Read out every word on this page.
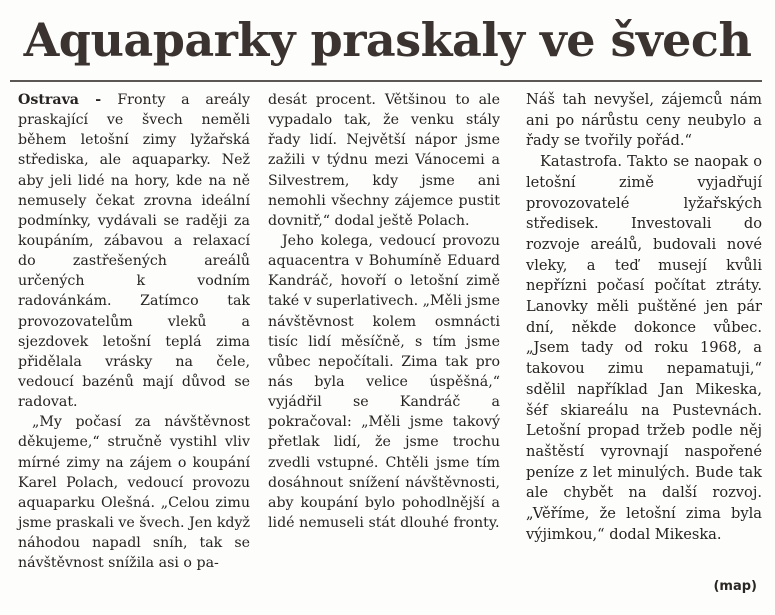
Aquaparky praskaly ve švech

Ostrava - Fronty a areály praskající ve švech neměli během letošní zimy lyžařská střediska, ale aquaparky. Než aby jeli lidé na hory, kde na ně nemusely čekat zrovna ideální podmínky, vydávali se raději za koupáním, zábavou a relaxací do zastřešených areálů určených k vodním radovánkám. Zatímco tak provozovatelům vleků a sjezdovek letošní teplá zima přidělala vrásky na čele, vedoucí bazénů mají důvod se radovat.

„My počasí za návštěvnost děkujeme,“ stručně vystihl vliv mírné zimy na zájem o koupání Karel Polach, vedoucí provozu aquaparku Olešná. „Celou zimu jsme praskali ve švech. Jen když náhodou napadl sníh, tak se návštěvnost snížila asi o pa-

desát procent. Většinou to ale vypadalo tak, že venku stály řady lidí. Největší nápor jsme zažili v týdnu mezi Vánocemi a Silvestrem, kdy jsme ani nemohli všechny zájemce pustit dovnitř,“ dodal ještě Polach.

Jeho kolega, vedoucí provozu aquacentra v Bohumíně Eduard Kandráč, hovoří o letošní zimě také v superlativech. „Měli jsme návštěvnost kolem osmnácti tisíc lidí měsíčně, s tím jsme vůbec nepočítali. Zima tak pro nás byla velice úspěšná,“ vyjádřil se Kandráč a pokračoval: „Měli jsme takový přetlak lidí, že jsme trochu zvedli vstupné. Chtěli jsme tím dosáhnout snížení návštěvnosti, aby koupání bylo pohodlnější a lidé nemuseli stát dlouhé fronty.

Náš tah nevyšel, zájemců nám ani po nárůstu ceny neubylo a řady se tvořily pořád.“

Katastrofa. Takto se naopak o letošní zimě vyjadřují provozovatelé lyžařských středisek. Investovali do rozvoje areálů, budovali nové vleky, a teď musejí kvůli nepřízni počasí počítat ztráty. Lanovky měli puštěné jen pár dní, někde dokonce vůbec. „Jsem tady od roku 1968, a takovou zimu nepamatuji,“ sdělil například Jan Mikeska, šéf skiareálu na Pustevnách. Letošní propad tržeb podle něj naštěstí vyrovnají naspořené peníze z let minulých. Bude tak ale chybět na další rozvoj. „Věříme, že letošní zima byla výjimkou,“ dodal Mikeska.

(map)
